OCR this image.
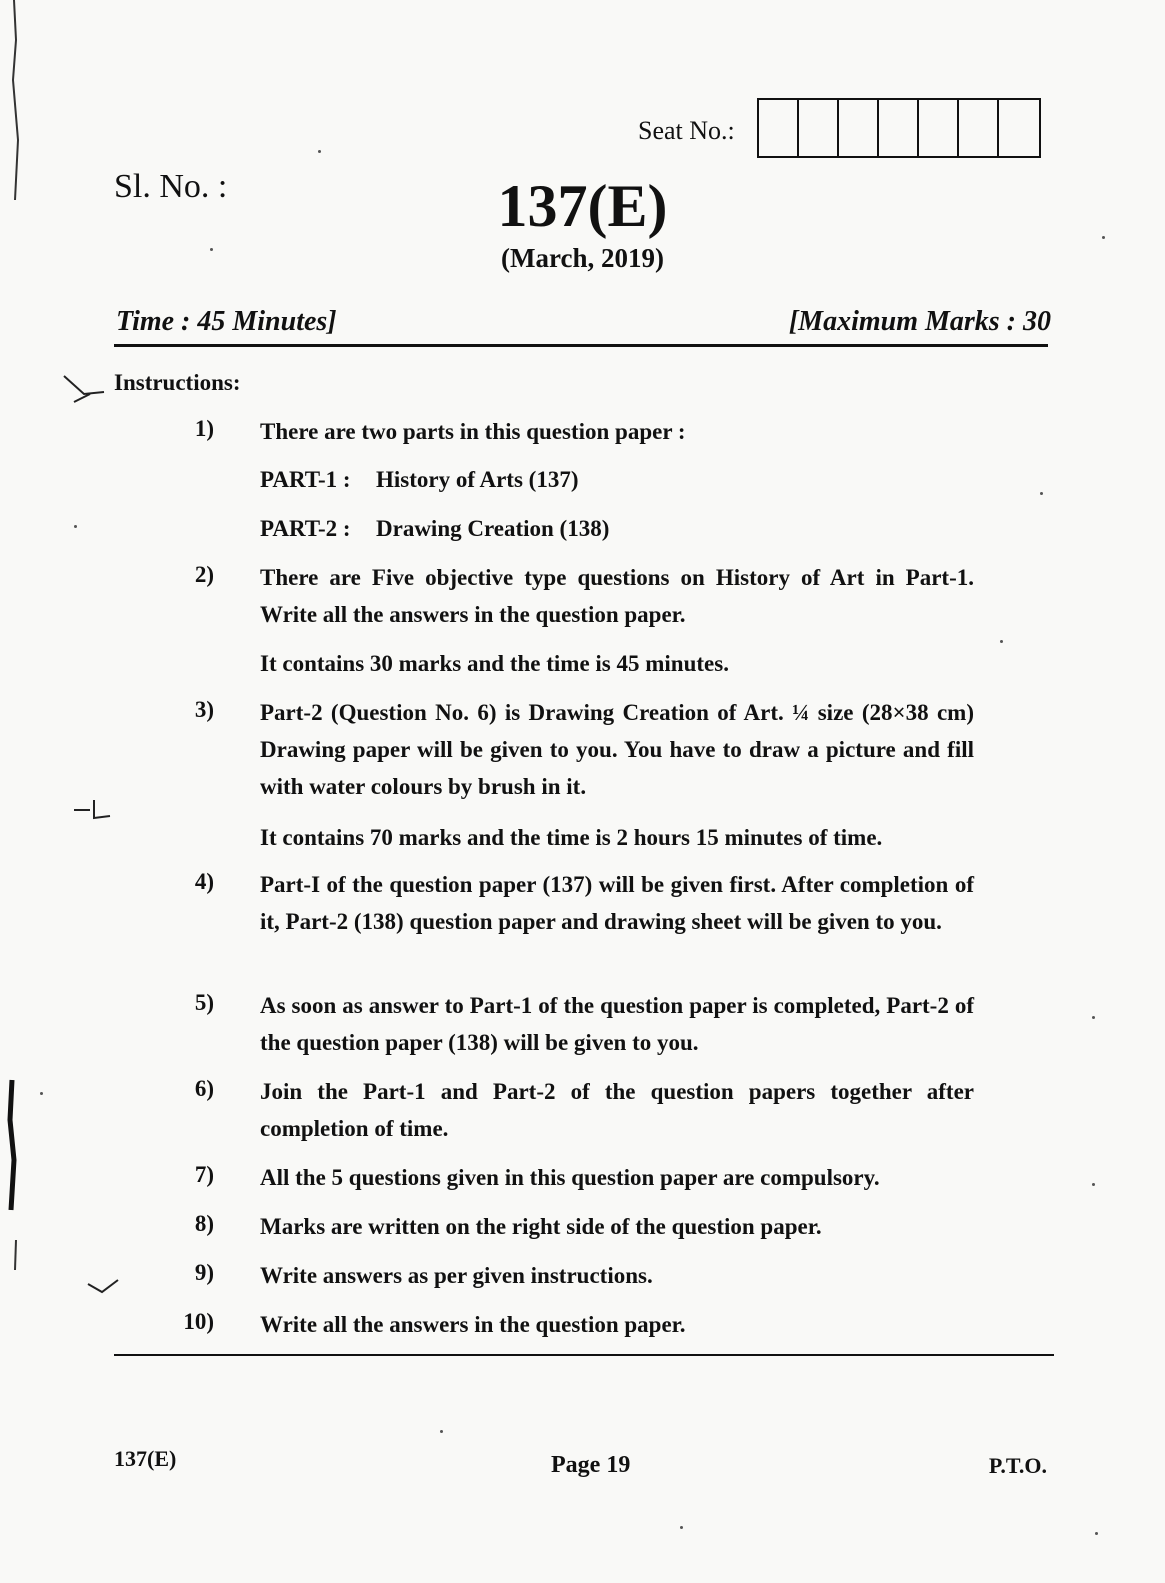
Seat No.:
Sl. No. :	137(E)
(March, 2019)
Time : 45 Minutes]	[Maximum Marks : 30
Instructions:
1) There are two parts in this question paper :
PART-1 : History of Arts (137)
PART-2 : Drawing Creation (138)
2) There are Five objective type questions on History of Art in Part-1. Write all the answers in the question paper.
It contains 30 marks and the time is 45 minutes.
3) Part-2 (Question No. 6) is Drawing Creation of Art. ¼ size (28×38 cm) Drawing paper will be given to you. You have to draw a picture and fill with water colours by brush in it.
It contains 70 marks and the time is 2 hours 15 minutes of time.
4) Part-I of the question paper (137) will be given first. After completion of it, Part-2 (138) question paper and drawing sheet will be given to you.
5) As soon as answer to Part-1 of the question paper is completed, Part-2 of the question paper (138) will be given to you.
6) Join the Part-1 and Part-2 of the question papers together after completion of time.
7) All the 5 questions given in this question paper are compulsory.
8) Marks are written on the right side of the question paper.
9) Write answers as per given instructions.
10) Write all the answers in the question paper.
137(E)	Page 19	P.T.O.
